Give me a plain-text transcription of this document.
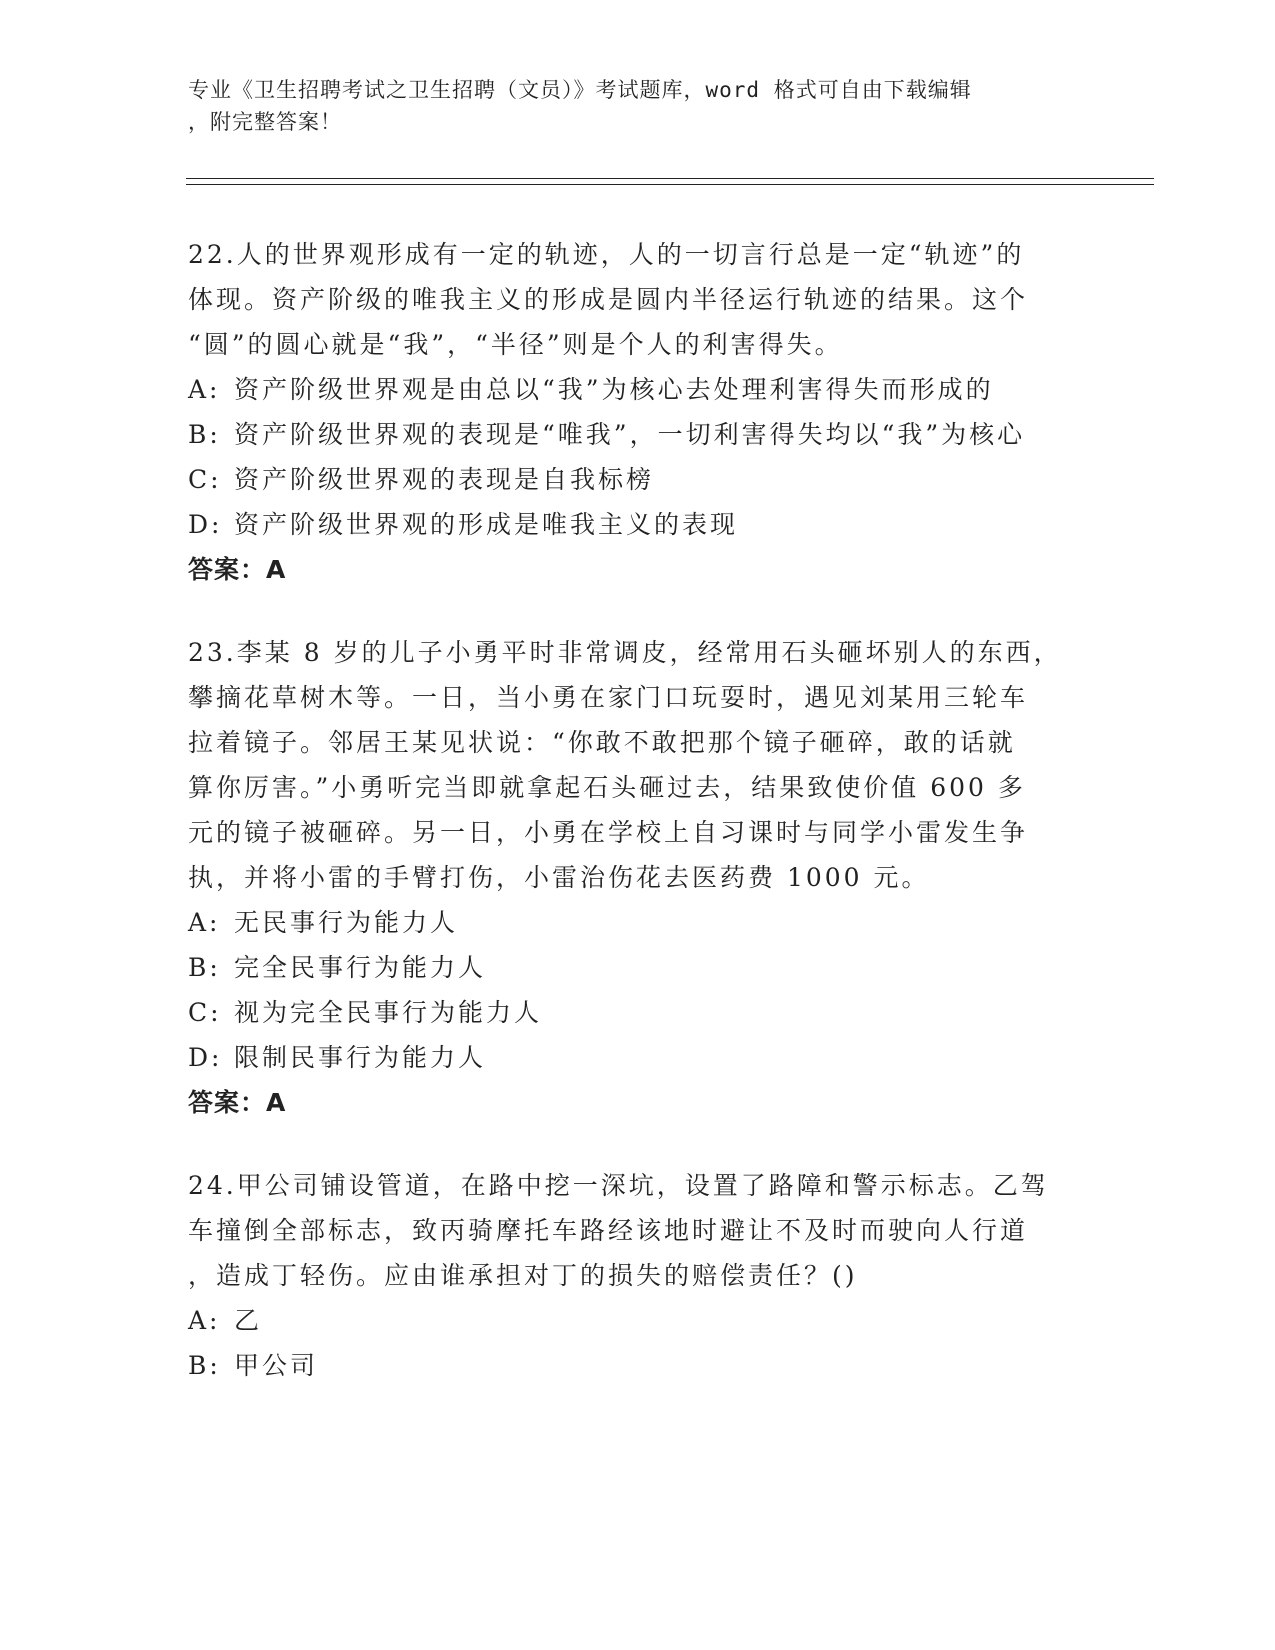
专业《卫生招聘考试之卫生招聘（文员）》考试题库，word 格式可自由下载编辑
，附完整答案！

22.人的世界观形成有一定的轨迹，人的一切言行总是一定“轨迹”的
体现。资产阶级的唯我主义的形成是圆内半径运行轨迹的结果。这个
“圆”的圆心就是“我”，“半径”则是个人的利害得失。

A: 资产阶级世界观是由总以“我”为核心去处理利害得失而形成的
B: 资产阶级世界观的表现是“唯我”，一切利害得失均以“我”为核心
C: 资产阶级世界观的表现是自我标榜
D: 资产阶级世界观的形成是唯我主义的表现

答案：A

23.李某 8 岁的儿子小勇平时非常调皮，经常用石头砸坏别人的东西，
攀摘花草树木等。一日，当小勇在家门口玩耍时，遇见刘某用三轮车
拉着镜子。邻居王某见状说：“你敢不敢把那个镜子砸碎，敢的话就
算你厉害。”小勇听完当即就拿起石头砸过去，结果致使价值 600 多
元的镜子被砸碎。另一日，小勇在学校上自习课时与同学小雷发生争
执，并将小雷的手臂打伤，小雷治伤花去医药费 1000 元。

A: 无民事行为能力人
B: 完全民事行为能力人
C: 视为完全民事行为能力人
D: 限制民事行为能力人

答案：A

24.甲公司铺设管道，在路中挖一深坑，设置了路障和警示标志。乙驾
车撞倒全部标志，致丙骑摩托车路经该地时避让不及时而驶向人行道
，造成丁轻伤。应由谁承担对丁的损失的赔偿责任？()

A: 乙
B: 甲公司
